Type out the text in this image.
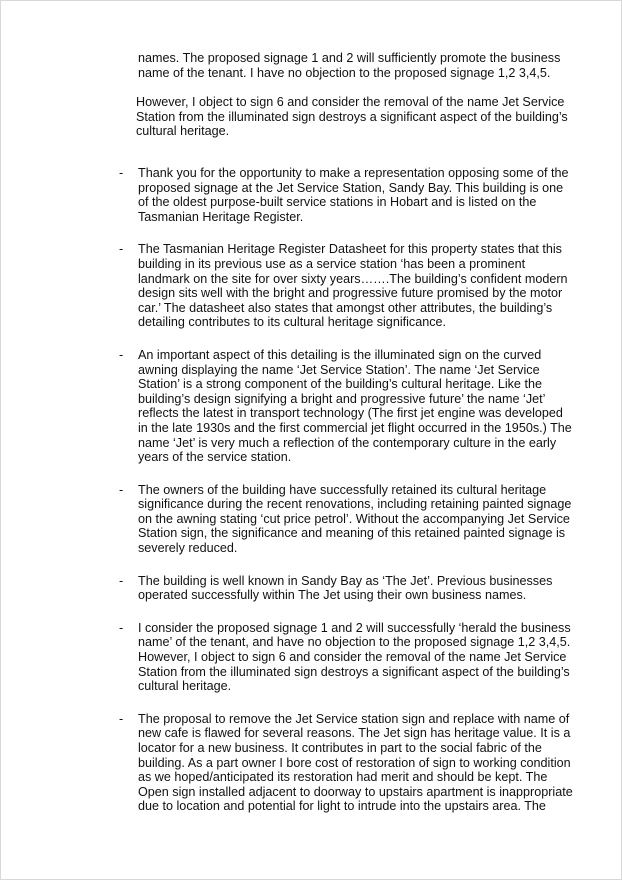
names. The proposed signage 1 and 2 will sufficiently promote the business name of the tenant. I have no objection to the proposed signage 1,2 3,4,5.

However, I object to sign 6 and consider the removal of the name Jet Service Station from the illuminated sign destroys a significant aspect of the building’s cultural heritage.

- Thank you for the opportunity to make a representation opposing some of the proposed signage at the Jet Service Station, Sandy Bay. This building is one of the oldest purpose-built service stations in Hobart and is listed on the Tasmanian Heritage Register.
- The Tasmanian Heritage Register Datasheet for this property states that this building in its previous use as a service station ‘has been a prominent landmark on the site for over sixty years…….The building’s confident modern design sits well with the bright and progressive future promised by the motor car.’ The datasheet also states that amongst other attributes, the building’s detailing contributes to its cultural heritage significance.
- An important aspect of this detailing is the illuminated sign on the curved awning displaying the name ‘Jet Service Station’. The name ‘Jet Service Station’ is a strong component of the building’s cultural heritage. Like the building’s design signifying a bright and progressive future’ the name ‘Jet’ reflects the latest in transport technology (The first jet engine was developed in the late 1930s and the first commercial jet flight occurred in the 1950s.) The name ‘Jet’ is very much a reflection of the contemporary culture in the early years of the service station.
- The owners of the building have successfully retained its cultural heritage significance during the recent renovations, including retaining painted signage on the awning stating ‘cut price petrol’. Without the accompanying Jet Service Station sign, the significance and meaning of this retained painted signage is severely reduced.
- The building is well known in Sandy Bay as ‘The Jet’. Previous businesses operated successfully within The Jet using their own business names.
- I consider the proposed signage 1 and 2 will successfully ‘herald the business name’ of the tenant, and have no objection to the proposed signage 1,2 3,4,5. However, I object to sign 6 and consider the removal of the name Jet Service Station from the illuminated sign destroys a significant aspect of the building’s cultural heritage.
- The proposal to remove the Jet Service station sign and replace with name of new cafe is flawed for several reasons. The Jet sign has heritage value. It is a locator for a new business. It contributes in part to the social fabric of the building. As a part owner I bore cost of restoration of sign to working condition as we hoped/anticipated its restoration had merit and should be kept. The Open sign installed adjacent to doorway to upstairs apartment is inappropriate due to location and potential for light to intrude into the upstairs area. The
